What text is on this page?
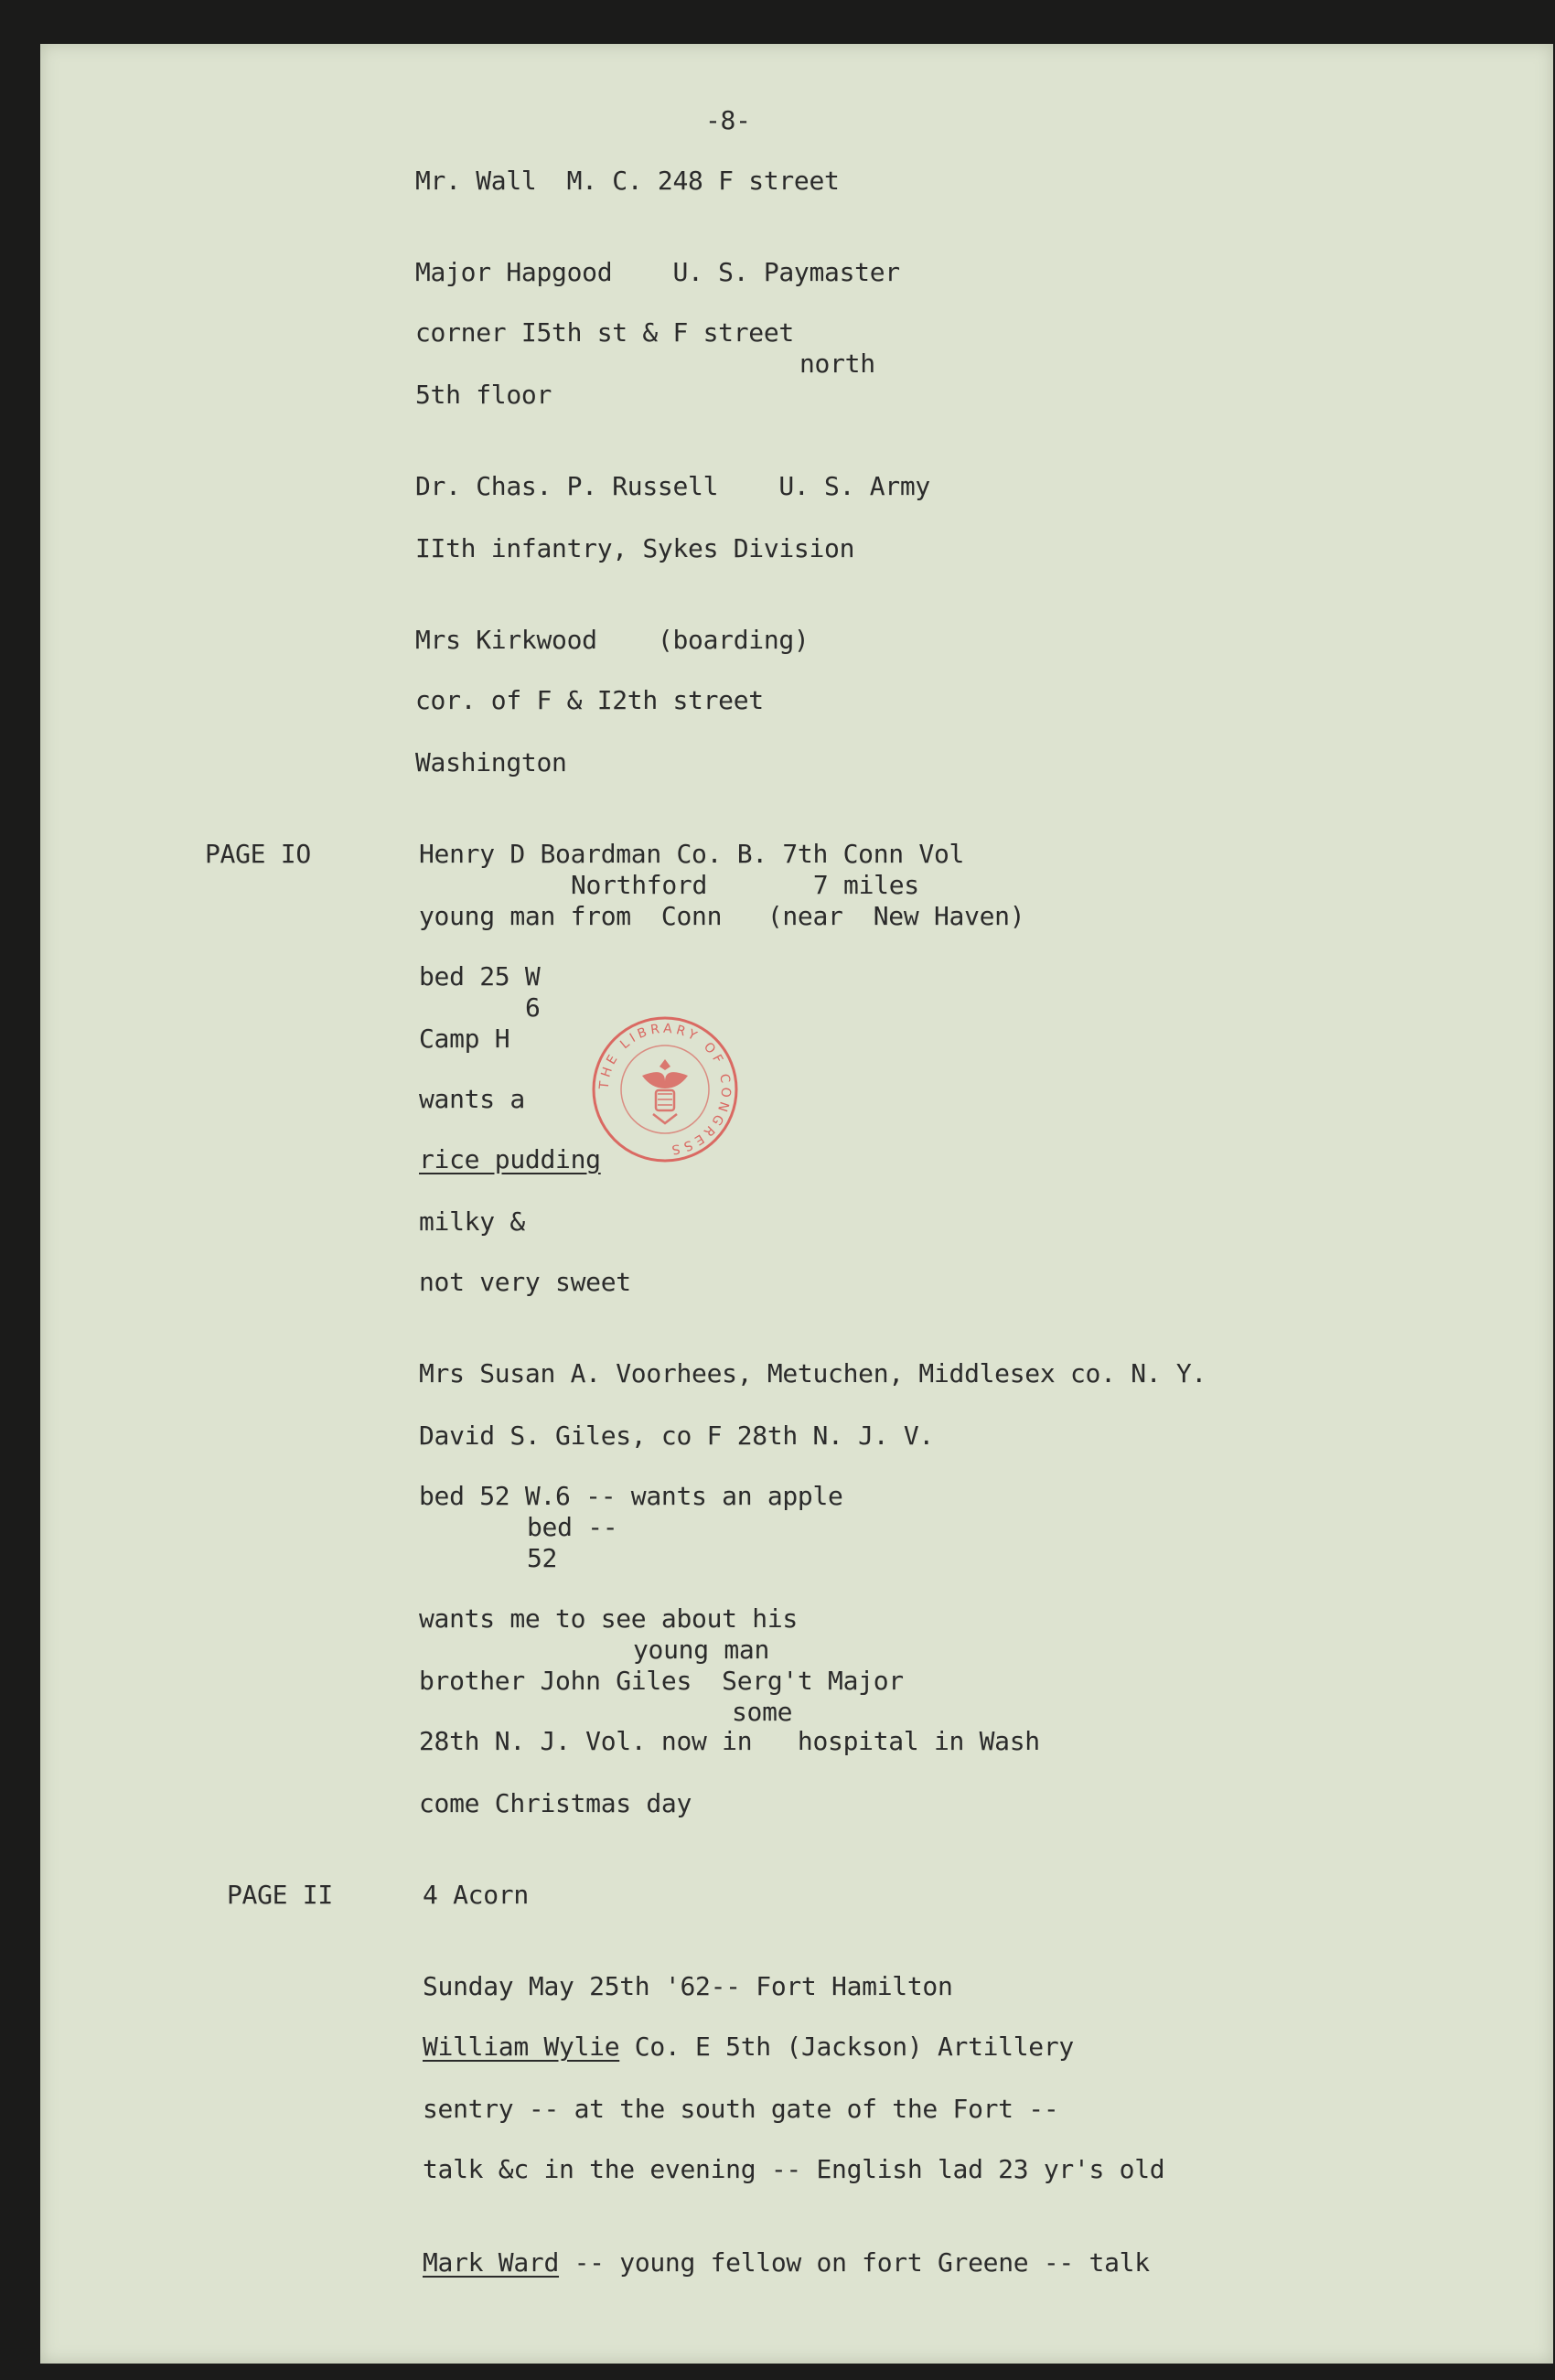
-8-
Mr. Wall  M. C. 248 F street
Major Hapgood    U. S. Paymaster
corner I5th st & F street
north
5th floor
Dr. Chas. P. Russell    U. S. Army
IIth infantry, Sykes Division
Mrs Kirkwood    (boarding)
cor. of F & I2th street
Washington
PAGE IO	Henry D Boardman Co. B. 7th Conn Vol
Northford       7 miles
young man from  Conn   (near  New Haven)
bed 25 W
6
Camp H
wants a
rice pudding
milky &
not very sweet
Mrs Susan A. Voorhees, Metuchen, Middlesex co. N. Y.
David S. Giles, co F 28th N. J. V.
bed 52 W.6 -- wants an apple
bed --
52
wants me to see about his
young man
brother John Giles  Serg't Major
some
28th N. J. Vol. now in   hospital in Wash
come Christmas day
PAGE II	4 Acorn
Sunday May 25th '62-- Fort Hamilton
William Wylie Co. E 5th (Jackson) Artillery
sentry -- at the south gate of the Fort --
talk &c in the evening -- English lad 23 yr's old
Mark Ward -- young fellow on fort Greene -- talk
THE LIBRARY OF CONGRESS
